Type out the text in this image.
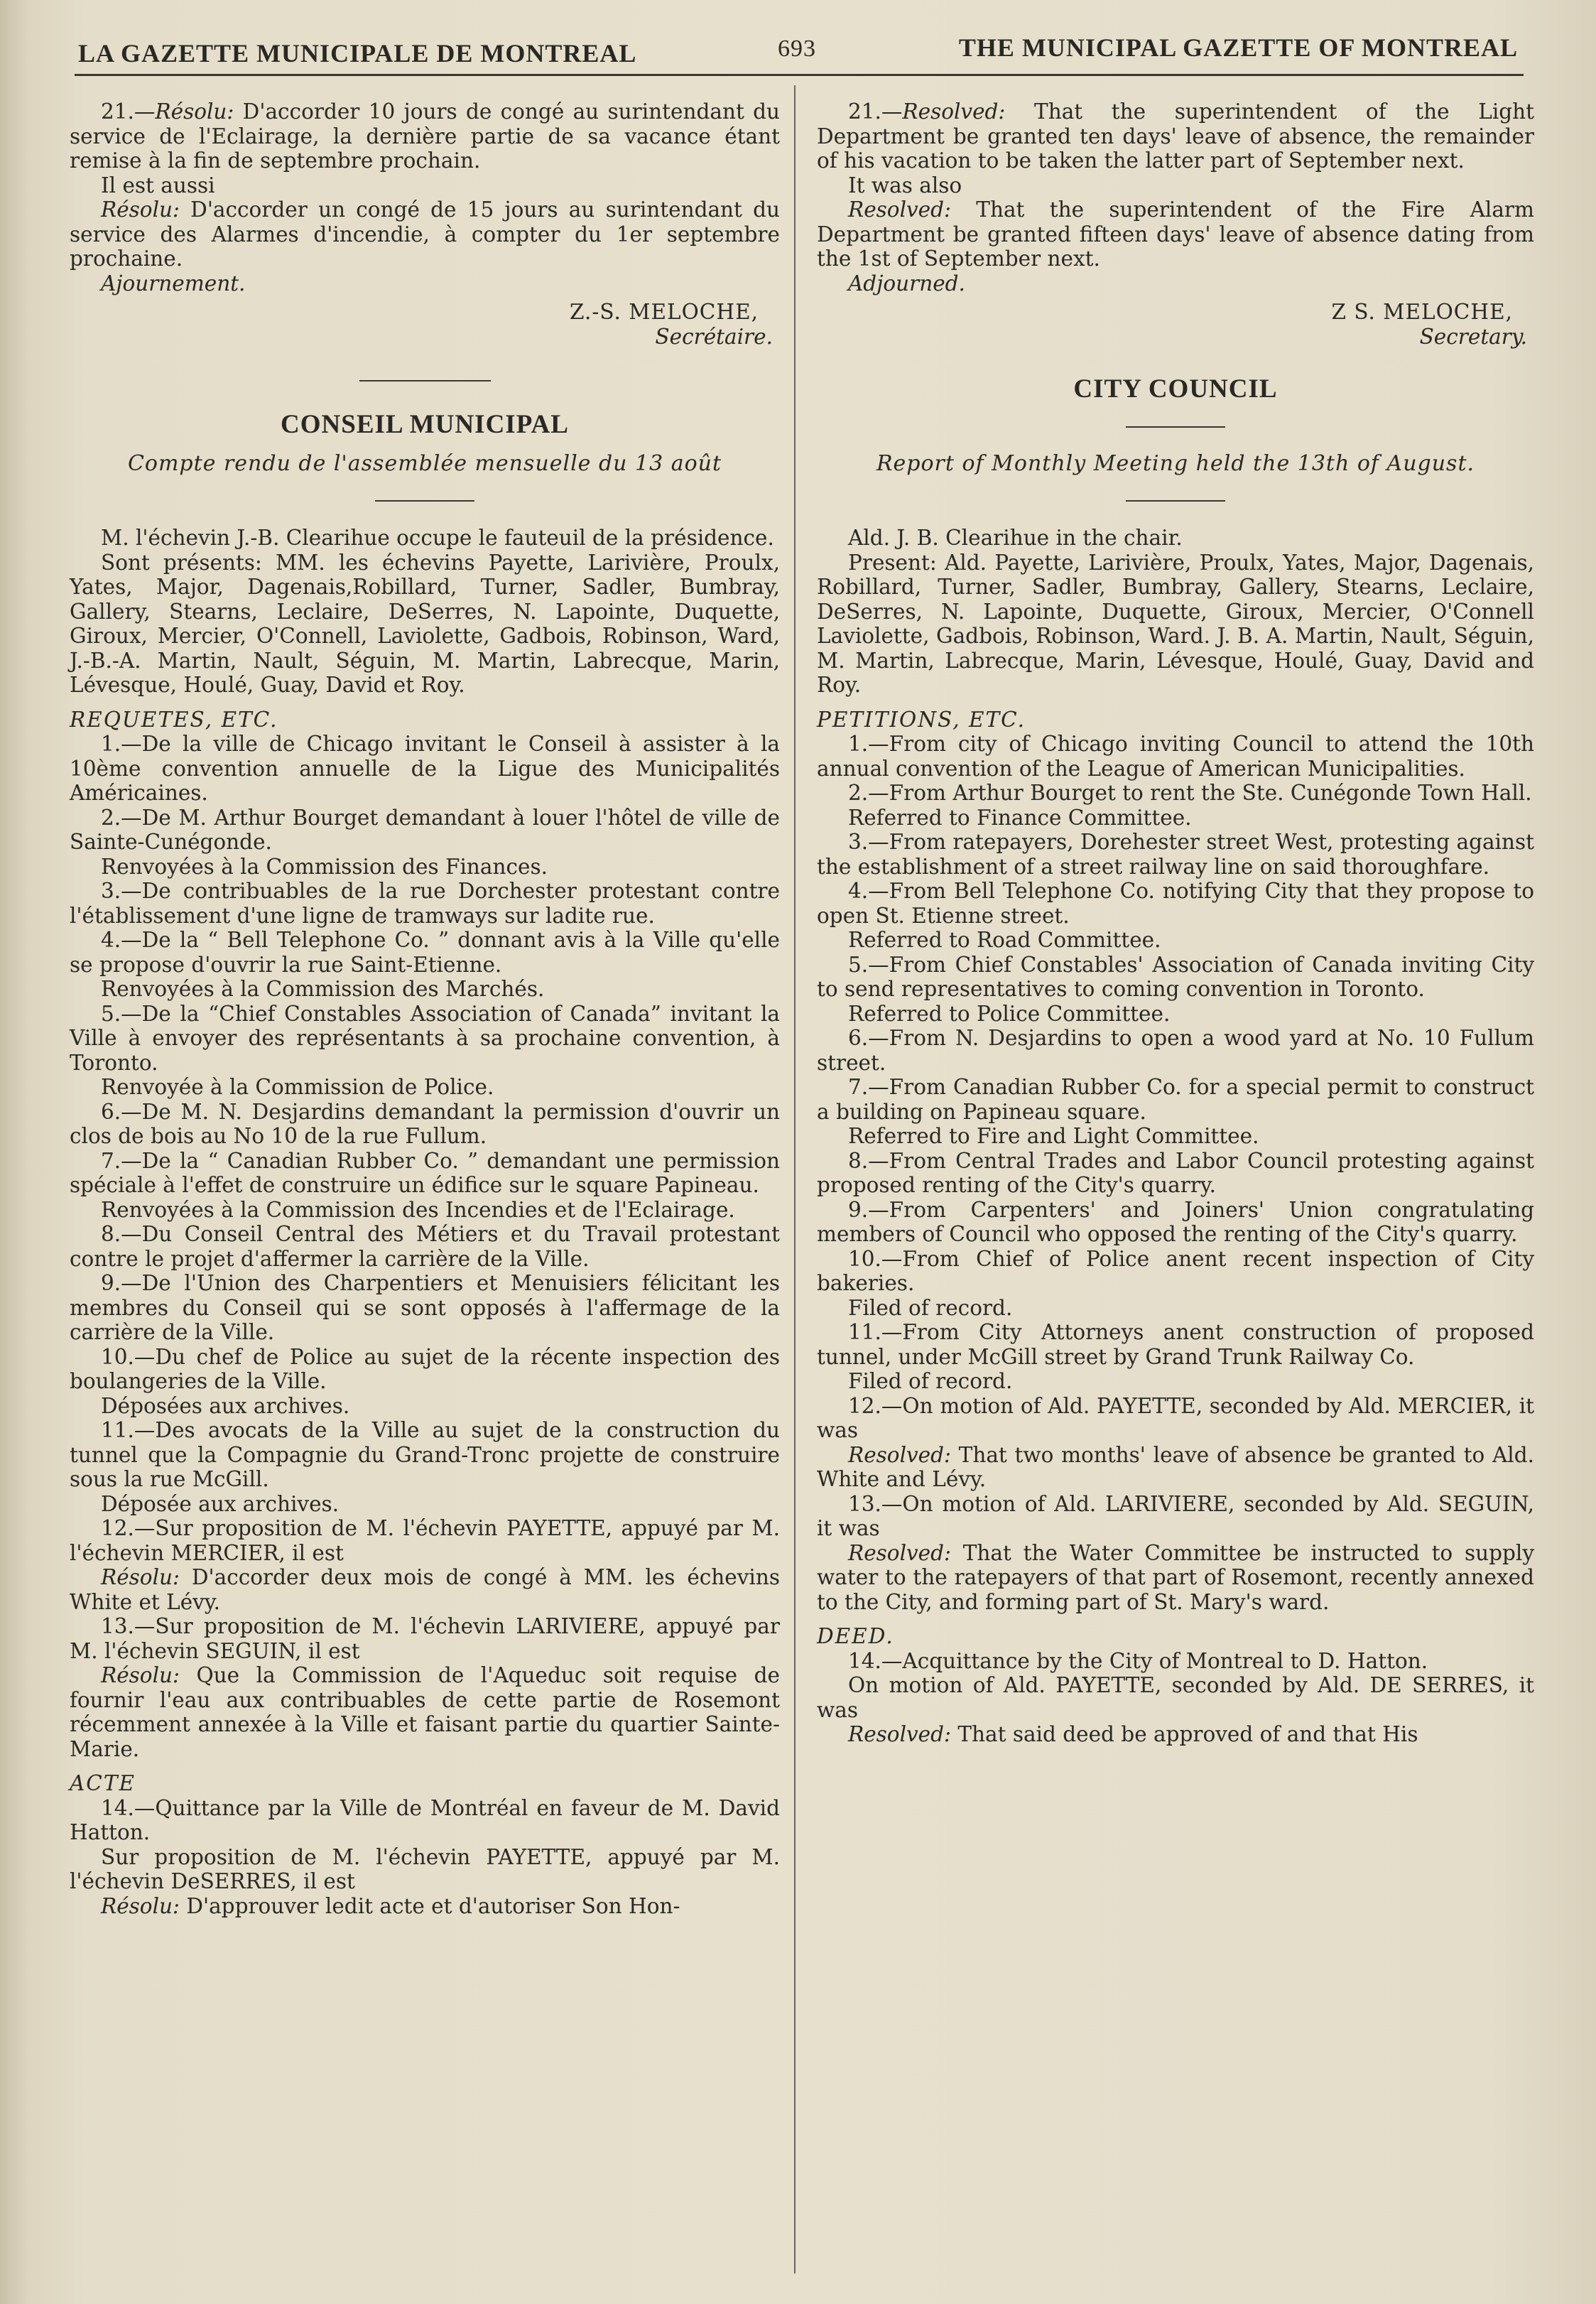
LA GAZETTE MUNICIPALE DE MONTREAL	693	THE MUNICIPAL GAZETTE OF MONTREAL

21.—Résolu: D'accorder 10 jours de congé au surintendant du service de l'Eclairage, la dernière partie de sa vacance étant remise à la fin de septembre prochain.

Il est aussi

Résolu: D'accorder un congé de 15 jours au surintendant du service des Alarmes d'incendie, à compter du 1er septembre prochaine.

Ajournement.

Z.-S. MELOCHE,

Secrétaire.

CONSEIL MUNICIPAL

Compte rendu de l'assemblée mensuelle du 13 août

M. l'échevin J.-B. Clearihue occupe le fauteuil de la présidence.

Sont présents: MM. les échevins Payette, Larivière, Proulx, Yates, Major, Dagenais,Robillard, Turner, Sadler, Bumbray, Gallery, Stearns, Leclaire, DeSerres, N. Lapointe, Duquette, Giroux, Mercier, O'Connell, Laviolette, Gadbois, Robinson, Ward, J.-B.-A. Martin, Nault, Séguin, M. Martin, Labrecque, Marin, Lévesque, Houlé, Guay, David et Roy.

REQUETES, ETC.

1.—De la ville de Chicago invitant le Conseil à assister à la 10ème convention annuelle de la Ligue des Municipalités Américaines.

2.—De M. Arthur Bourget demandant à louer l'hôtel de ville de Sainte-Cunégonde.

Renvoyées à la Commission des Finances.

3.—De contribuables de la rue Dorchester protestant contre l'établissement d'une ligne de tramways sur ladite rue.

4.—De la “ Bell Telephone Co. ” donnant avis à la Ville qu'elle se propose d'ouvrir la rue Saint-Etienne.

Renvoyées à la Commission des Marchés.

5.—De la “Chief Constables Association of Canada” invitant la Ville à envoyer des représentants à sa prochaine convention, à Toronto.

Renvoyée à la Commission de Police.

6.—De M. N. Desjardins demandant la permission d'ouvrir un clos de bois au No 10 de la rue Fullum.

7.—De la “ Canadian Rubber Co. ” demandant une permission spéciale à l'effet de construire un édifice sur le square Papineau.

Renvoyées à la Commission des Incendies et de l'Eclairage.

8.—Du Conseil Central des Métiers et du Travail protestant contre le projet d'affermer la carrière de la Ville.

9.—De l'Union des Charpentiers et Menuisiers félicitant les membres du Conseil qui se sont opposés à l'affermage de la carrière de la Ville.

10.—Du chef de Police au sujet de la récente inspection des boulangeries de la Ville.

Déposées aux archives.

11.—Des avocats de la Ville au sujet de la construction du tunnel que la Compagnie du Grand-Tronc projette de construire sous la rue McGill.

Déposée aux archives.

12.—Sur proposition de M. l'échevin PAYETTE, appuyé par M. l'échevin MERCIER, il est

Résolu: D'accorder deux mois de congé à MM. les échevins White et Lévy.

13.—Sur proposition de M. l'échevin LARIVIERE, appuyé par M. l'échevin SEGUIN, il est

Résolu: Que la Commission de l'Aqueduc soit requise de fournir l'eau aux contribuables de cette partie de Rosemont récemment annexée à la Ville et faisant partie du quartier Sainte-Marie.

ACTE

14.—Quittance par la Ville de Montréal en faveur de M. David Hatton.

Sur proposition de M. l'échevin PAYETTE, appuyé par M. l'échevin DeSERRES, il est

Résolu: D'approuver ledit acte et d'autoriser Son Hon-

21.—Resolved: That the superintendent of the Light Department be granted ten days' leave of absence, the remainder of his vacation to be taken the latter part of September next.

It was also

Resolved: That the superintendent of the Fire Alarm Department be granted fifteen days' leave of absence dating from the 1st of September next.

Adjourned.

Z S. MELOCHE,

Secretary.

CITY COUNCIL

Report of Monthly Meeting held the 13th of August.

Ald. J. B. Clearihue in the chair.

Present: Ald. Payette, Larivière, Proulx, Yates, Major, Dagenais, Robillard, Turner, Sadler, Bumbray, Gallery, Stearns, Leclaire, DeSerres, N. Lapointe, Duquette, Giroux, Mercier, O'Connell Laviolette, Gadbois, Robinson, Ward. J. B. A. Martin, Nault, Séguin, M. Martin, Labrecque, Marin, Lévesque, Houlé, Guay, David and Roy.

PETITIONS, ETC.

1.—From city of Chicago inviting Council to attend the 10th annual convention of the League of American Municipalities.

2.—From Arthur Bourget to rent the Ste. Cunégonde Town Hall.

Referred to Finance Committee.

3.—From ratepayers, Dorehester street West, protesting against the establishment of a street railway line on said thoroughfare.

4.—From Bell Telephone Co. notifying City that they propose to open St. Etienne street.

Referred to Road Committee.

5.—From Chief Constables' Association of Canada inviting City to send representatives to coming convention in Toronto.

Referred to Police Committee.

6.—From N. Desjardins to open a wood yard at No. 10 Fullum street.

7.—From Canadian Rubber Co. for a special permit to construct a building on Papineau square.

Referred to Fire and Light Committee.

8.—From Central Trades and Labor Council protesting against proposed renting of the City's quarry.

9.—From Carpenters' and Joiners' Union congratulating members of Council who opposed the renting of the City's quarry.

10.—From Chief of Police anent recent inspection of City bakeries.

Filed of record.

11.—From City Attorneys anent construction of proposed tunnel, under McGill street by Grand Trunk Railway Co.

Filed of record.

12.—On motion of Ald. PAYETTE, seconded by Ald. MERCIER, it was

Resolved: That two months' leave of absence be granted to Ald. White and Lévy.

13.—On motion of Ald. LARIVIERE, seconded by Ald. SEGUIN, it was

Resolved: That the Water Committee be instructed to supply water to the ratepayers of that part of Rosemont, recently annexed to the City, and forming part of St. Mary's ward.

DEED.

14.—Acquittance by the City of Montreal to D. Hatton.

On motion of Ald. PAYETTE, seconded by Ald. DE SERRES, it was

Resolved: That said deed be approved of and that His
